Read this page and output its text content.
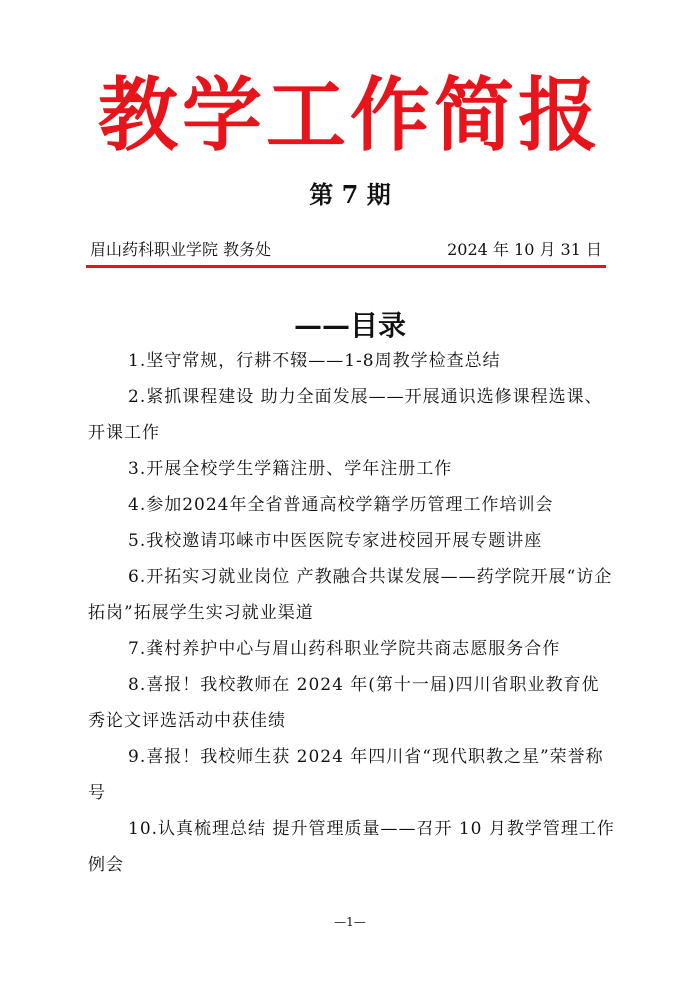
教学工作简报
第 7 期
眉山药科职业学院 教务处	2024 年 10 月 31 日
——目录

1.坚守常规，行耕不辍——1-8周教学检查总结

2.紧抓课程建设 助力全面发展——开展通识选修课程选课、开课工作

3.开展全校学生学籍注册、学年注册工作

4.参加2024年全省普通高校学籍学历管理工作培训会

5.我校邀请邛崃市中医医院专家进校园开展专题讲座

6.开拓实习就业岗位 产教融合共谋发展——药学院开展“访企拓岗”拓展学生实习就业渠道

7.龚村养护中心与眉山药科职业学院共商志愿服务合作

8.喜报！我校教师在 2024 年(第十一届)四川省职业教育优秀论文评选活动中获佳绩

9.喜报！我校师生获 2024 年四川省“现代职教之星”荣誉称号

10.认真梳理总结 提升管理质量——召开 10 月教学管理工作例会

—1—
